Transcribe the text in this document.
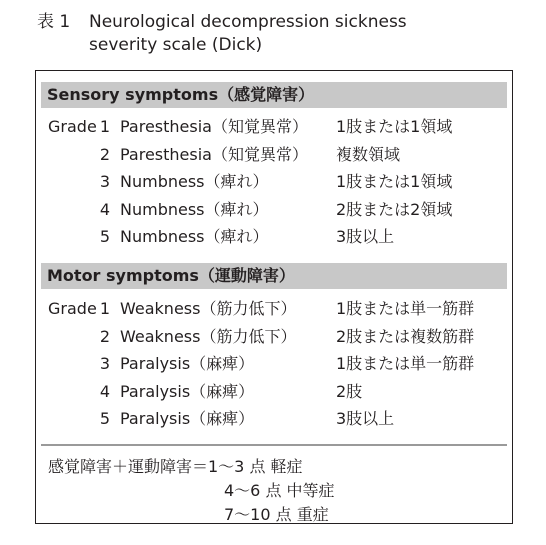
表 1 Neurological decompression sickness
severity scale (Dick)
Sensory symptoms（感覚障害）
Grade 1 Paresthesia（知覚異常） 1肢または1領域
2 Paresthesia（知覚異常） 複数領域
3 Numbness（痺れ）	1肢または1領域
4 Numbness（痺れ）	2肢または2領域
5 Numbness（痺れ）	3肢以上
Motor symptoms（運動障害）
Grade 1 Weakness（筋力低下） 1肢または単一筋群
2 Weakness（筋力低下） 2肢または複数筋群
3 Paralysis（麻痺）	1肢または単一筋群
4 Paralysis（麻痺）	2肢
5 Paralysis（麻痺）	3肢以上
感覚障害＋運動障害＝1〜3 点 軽症
4〜6 点 中等症
7〜10 点 重症
